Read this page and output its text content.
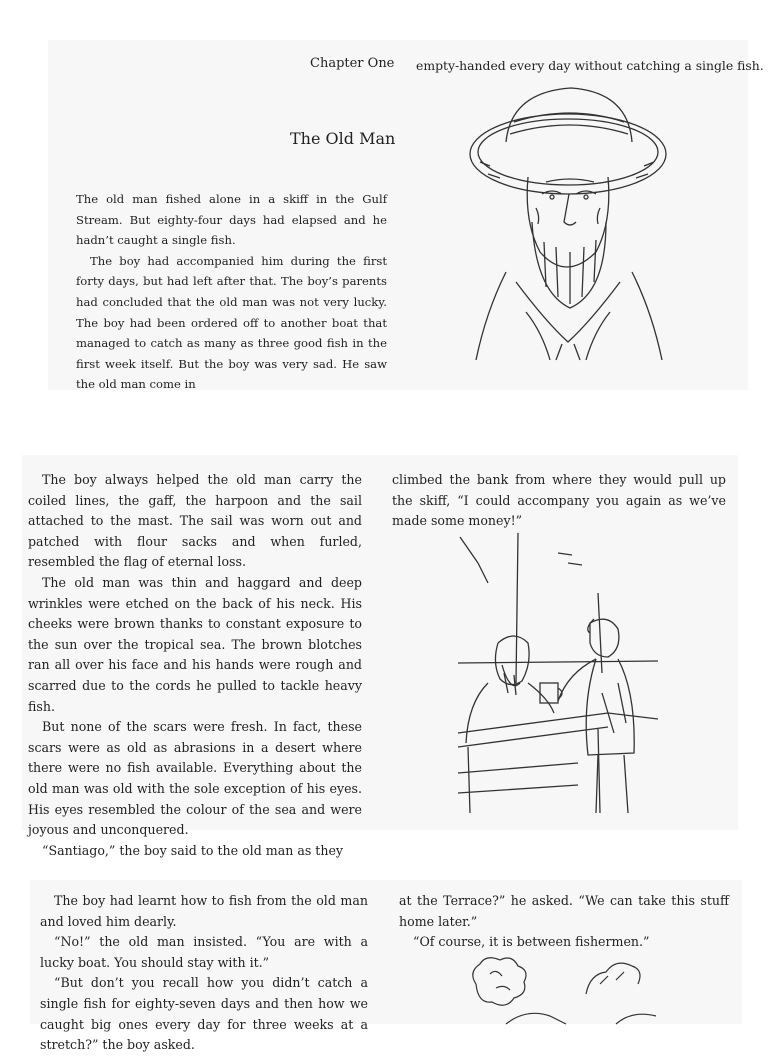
Chapter One
The Old Man

The old man fished alone in a skiff in the Gulf Stream. But eighty-four days had elapsed and he hadn’t caught a single fish.

The boy had accompanied him during the first forty days, but had left after that. The boy’s parents had concluded that the old man was not very lucky. The boy had been ordered off to another boat that managed to catch as many as three good fish in the first week itself. But the boy was very sad. He saw the old man come in

empty-handed every day without catching a single fish.

The boy always helped the old man carry the coiled lines, the gaff, the harpoon and the sail attached to the mast. The sail was worn out and patched with flour sacks and when furled, resembled the flag of eternal loss.

The old man was thin and haggard and deep wrinkles were etched on the back of his neck. His cheeks were brown thanks to constant exposure to the sun over the tropical sea. The brown blotches ran all over his face and his hands were rough and scarred due to the cords he pulled to tackle heavy fish.

But none of the scars were fresh. In fact, these scars were as old as abrasions in a desert where there were no fish available. Everything about the old man was old with the sole exception of his eyes. His eyes resembled the colour of the sea and were joyous and unconquered.

“Santiago,” the boy said to the old man as they

climbed the bank from where they would pull up the skiff, “I could accompany you again as we’ve made some money!”

The boy had learnt how to fish from the old man and loved him dearly.

“No!” the old man insisted. “You are with a lucky boat. You should stay with it.”

“But don’t you recall how you didn’t catch a single fish for eighty-seven days and then how we caught big ones every day for three weeks at a stretch?” the boy asked.

at the Terrace?” he asked. “We can take this stuff home later.”

“Of course, it is between fishermen.”
